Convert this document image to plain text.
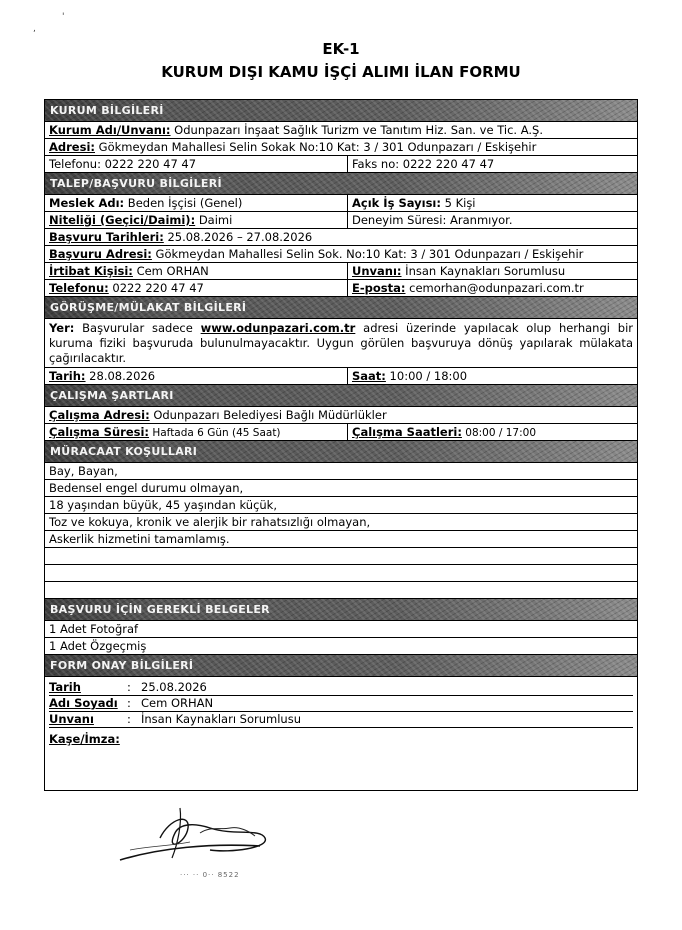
,
'
EK-1
KURUM DIŞI KAMU İŞÇİ ALIMI İLAN FORMU
KURUM BİLGİLERİ
Kurum Adı/Unvanı: Odunpazarı İnşaat Sağlık Turizm ve Tanıtım Hiz. San. ve Tic. A.Ş.
Adresi: Gökmeydan Mahallesi Selin Sokak No:10 Kat: 3 / 301 Odunpazarı / Eskişehir
Telefonu: 0222 220 47 47	Faks no: 0222 220 47 47
TALEP/BAŞVURU BİLGİLERİ
Meslek Adı: Beden İşçisi (Genel)	Açık İş Sayısı: 5 Kişi
Niteliği (Geçici/Daimi): Daimi	Deneyim Süresi: Aranmıyor.
Başvuru Tarihleri: 25.08.2026 – 27.08.2026
Başvuru Adresi: Gökmeydan Mahallesi Selin Sok. No:10 Kat: 3 / 301 Odunpazarı / Eskişehir
İrtibat Kişisi: Cem ORHAN	Unvanı: İnsan Kaynakları Sorumlusu
Telefonu: 0222 220 47 47	E-posta: cemorhan@odunpazari.com.tr
GÖRÜŞME/MÜLAKAT BİLGİLERİ
Yer: Başvurular sadece www.odunpazari.com.tr adresi üzerinde yapılacak olup herhangi bir kuruma fiziki başvuruda bulunulmayacaktır. Uygun görülen başvuruya dönüş yapılarak mülakata çağırılacaktır.
Tarih: 28.08.2026	Saat: 10:00 / 18:00
ÇALIŞMA ŞARTLARI
Çalışma Adresi: Odunpazarı Belediyesi Bağlı Müdürlükler
Çalışma Süresi: Haftada 6 Gün (45 Saat)	Çalışma Saatleri: 08:00 / 17:00
MÜRACAAT KOŞULLARI
Bay, Bayan,
Bedensel engel durumu olmayan,
18 yaşından büyük, 45 yaşından küçük,
Toz ve kokuya, kronik ve alerjik bir rahatsızlığı olmayan,
Askerlik hizmetini tamamlamış.
BAŞVURU İÇİN GEREKLİ BELGELER
1 Adet Fotoğraf
1 Adet Özgeçmiş
FORM ONAY BİLGİLERİ
Tarih	: 25.08.2026
Adı Soyadı : Cem ORHAN
Unvanı	: İnsan Kaynakları Sorumlusu
Kaşe/İmza:
··· ·· 0·· 8522
